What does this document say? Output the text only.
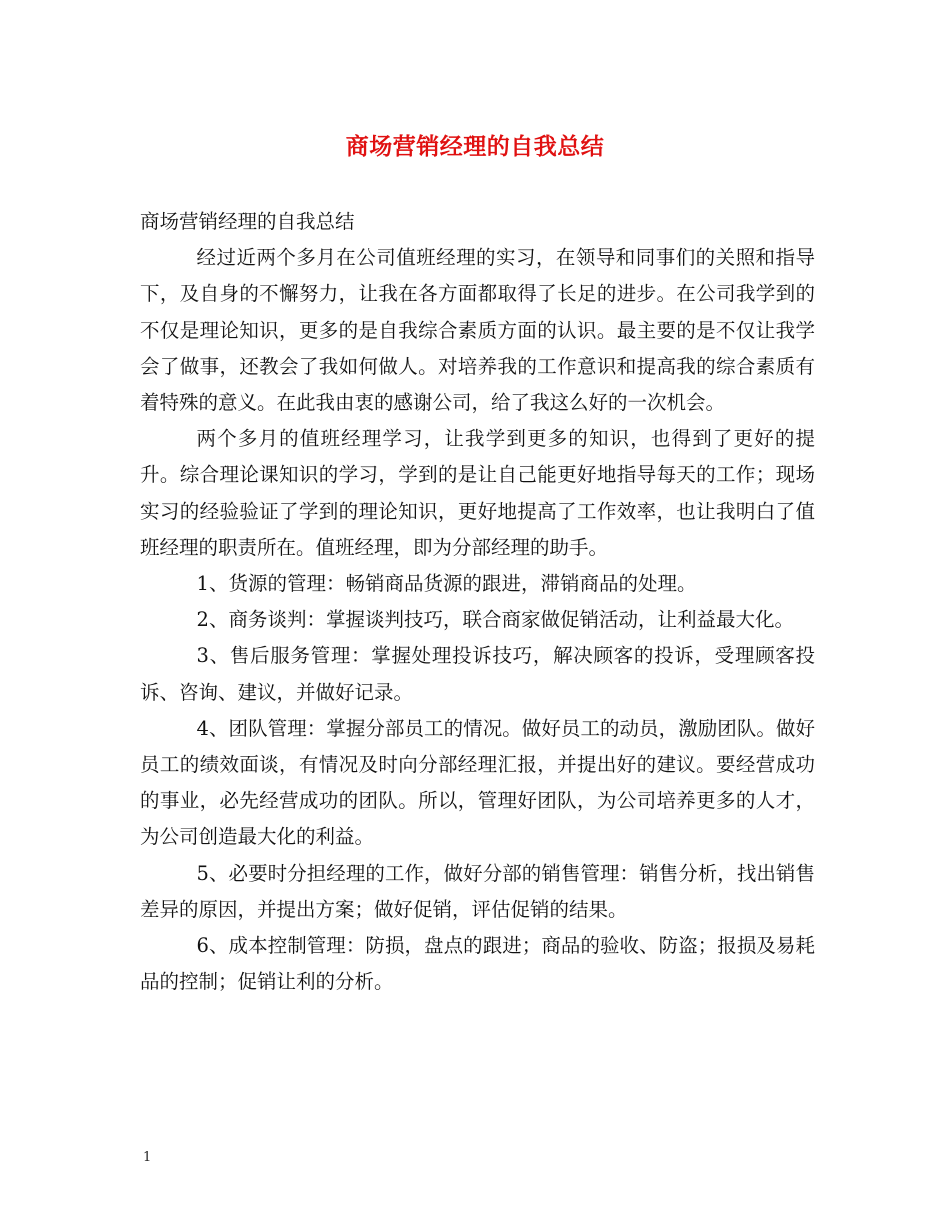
商场营销经理的自我总结

商场营销经理的自我总结

经过近两个多月在公司值班经理的实习，在领导和同事们的关照和指导下，及自身的不懈努力，让我在各方面都取得了长足的进步。在公司我学到的不仅是理论知识，更多的是自我综合素质方面的认识。最主要的是不仅让我学会了做事，还教会了我如何做人。对培养我的工作意识和提高我的综合素质有着特殊的意义。在此我由衷的感谢公司，给了我这么好的一次机会。

两个多月的值班经理学习，让我学到更多的知识，也得到了更好的提升。综合理论课知识的学习，学到的是让自己能更好地指导每天的工作；现场实习的经验验证了学到的理论知识，更好地提高了工作效率，也让我明白了值班经理的职责所在。值班经理，即为分部经理的助手。

1、货源的管理：畅销商品货源的跟进，滞销商品的处理。

2、商务谈判：掌握谈判技巧，联合商家做促销活动，让利益最大化。

3、售后服务管理：掌握处理投诉技巧，解决顾客的投诉，受理顾客投诉、咨询、建议，并做好记录。

4、团队管理：掌握分部员工的情况。做好员工的动员，激励团队。做好员工的绩效面谈，有情况及时向分部经理汇报，并提出好的建议。要经营成功的事业，必先经营成功的团队。所以，管理好团队，为公司培养更多的人才，为公司创造最大化的利益。

5、必要时分担经理的工作，做好分部的销售管理：销售分析，找出销售差异的原因，并提出方案；做好促销，评估促销的结果。

6、成本控制管理：防损，盘点的跟进；商品的验收、防盗；报损及易耗品的控制；促销让利的分析。

1
